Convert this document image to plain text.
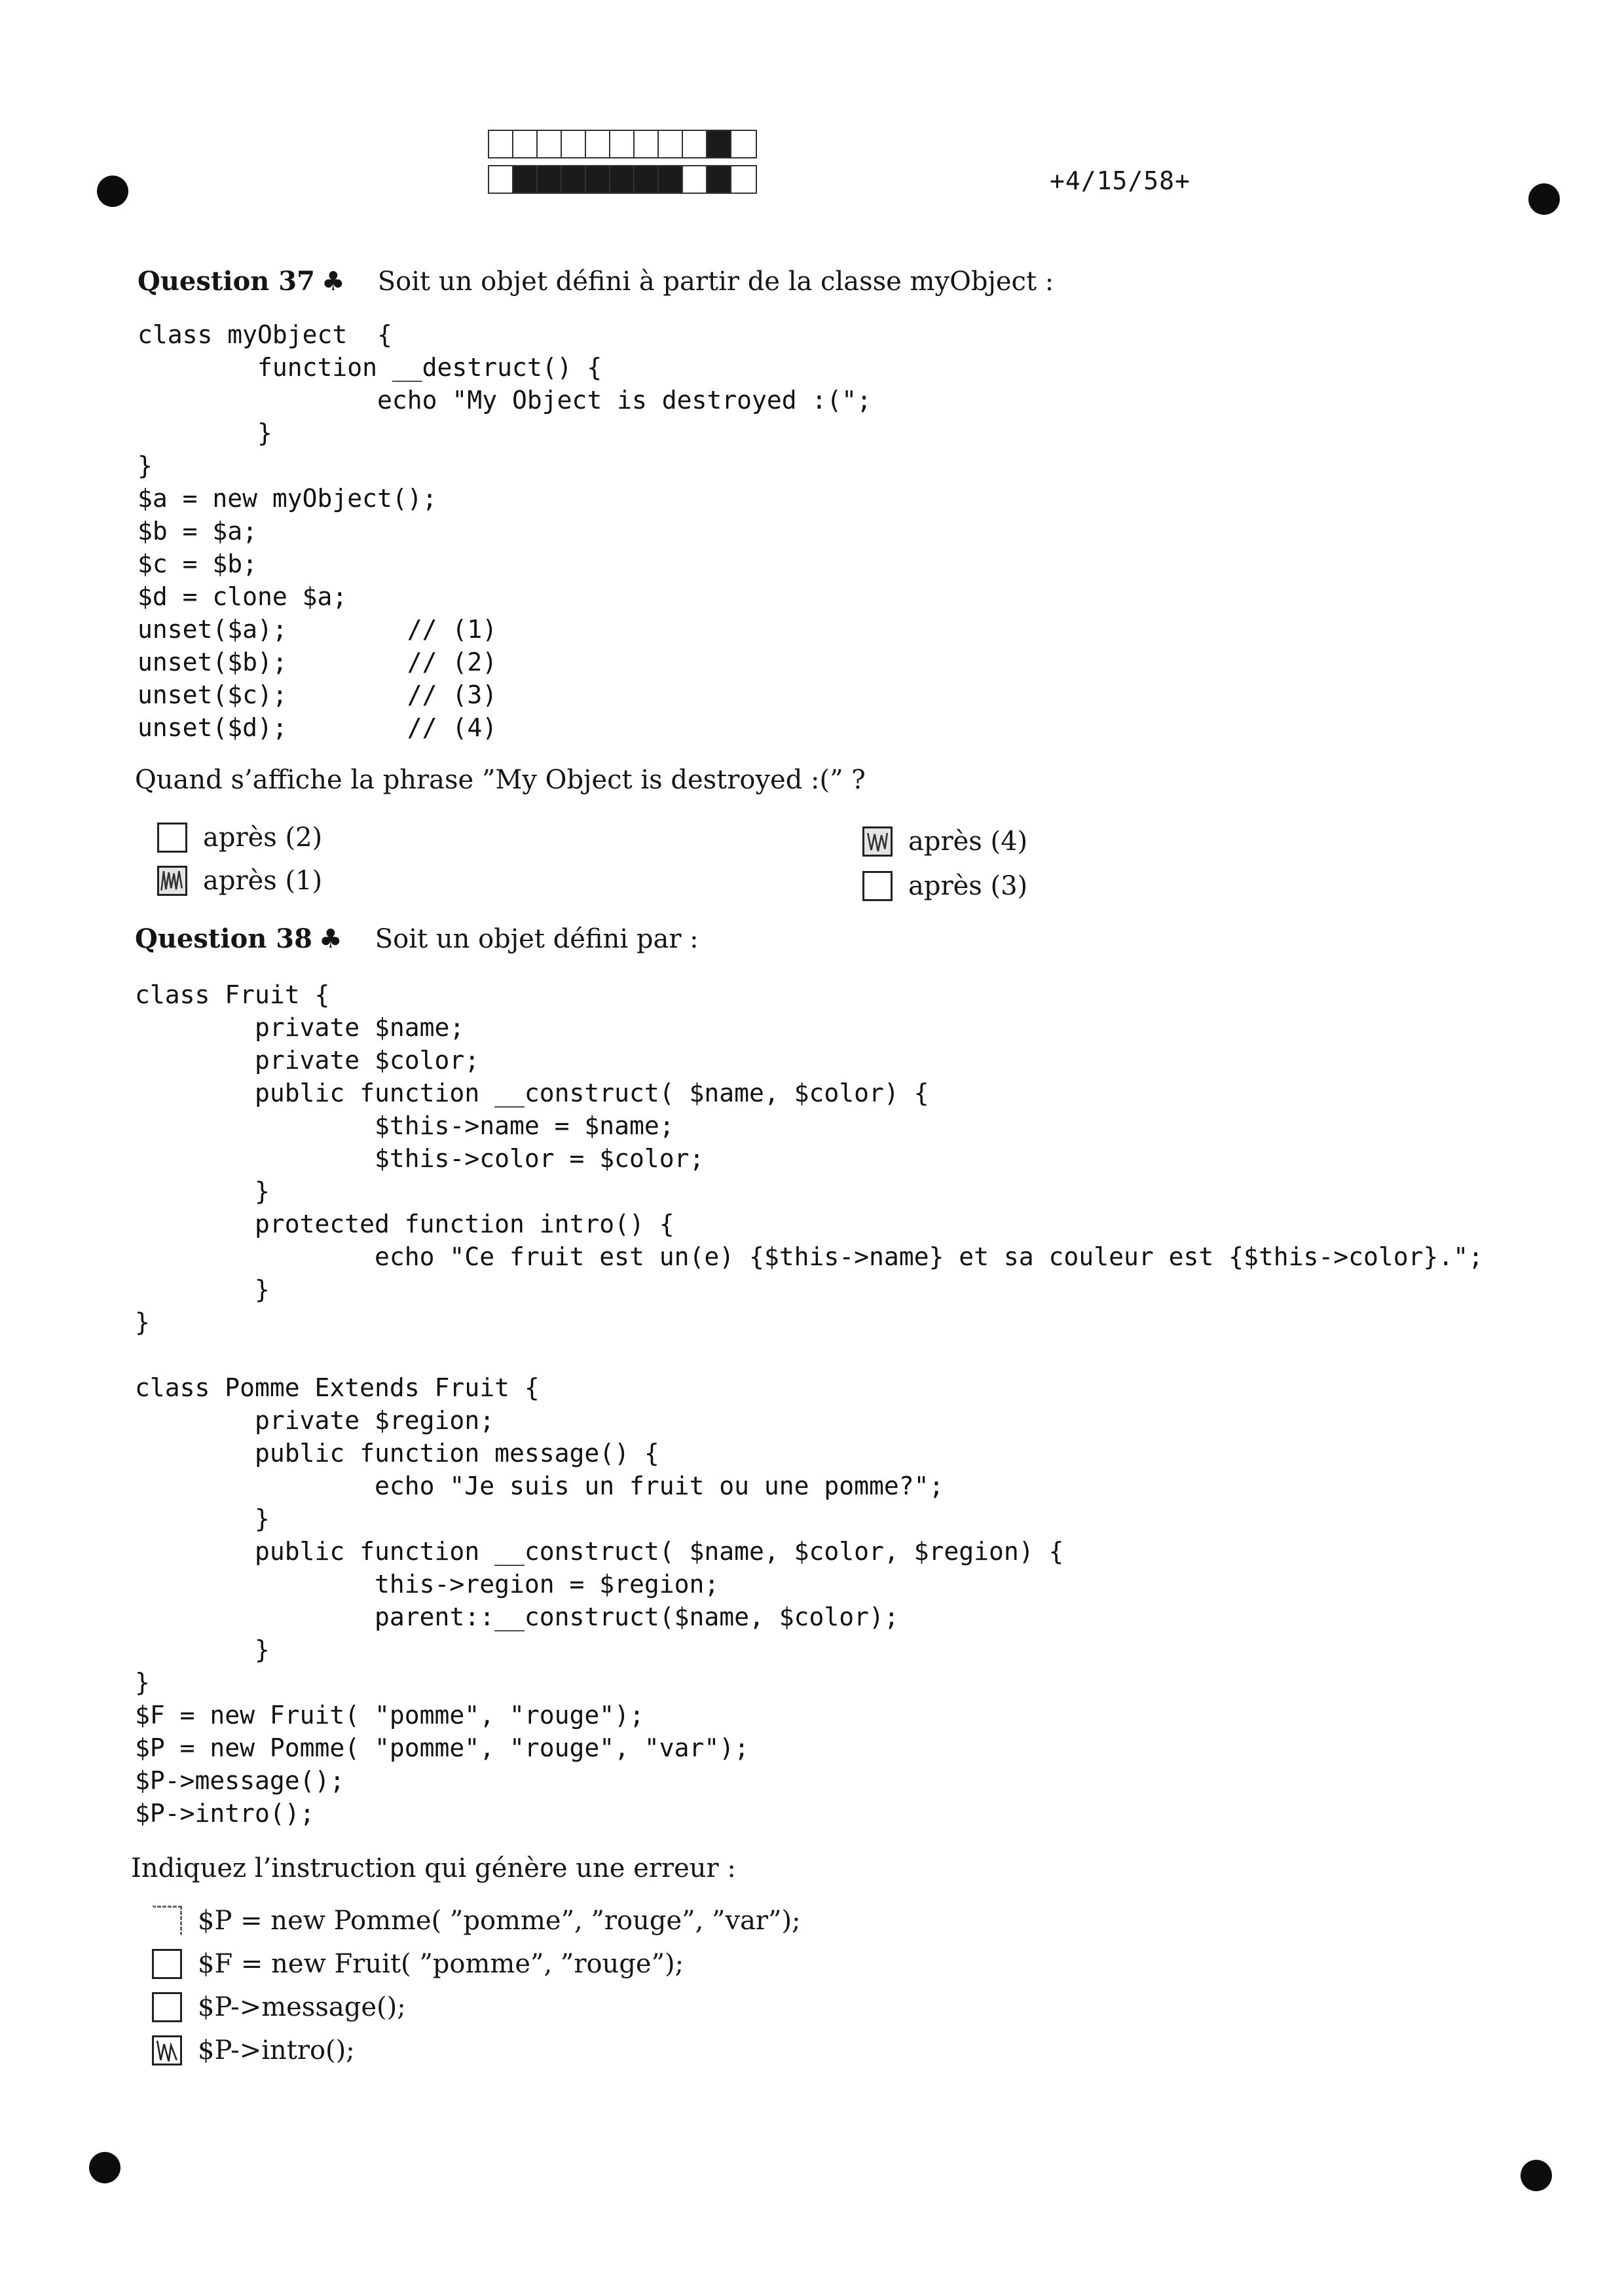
+4/15/58+
Question 37 ♣ Soit un objet défini à partir de la classe myObject :
class myObject  {
function __destruct() {
echo "My Object is destroyed :(";
}
}
$a = new myObject();
$b = $a;
$c = $b;
$d = clone $a;
unset($a);        // (1)
unset($b);        // (2)
unset($c);        // (3)
unset($d);        // (4)
Quand s’affiche la phrase ”My Object is destroyed :(” ?
après (2)
après (1)
après (4)
après (3)
Question 38 ♣ Soit un objet défini par :
class Fruit {
private $name;
private $color;
public function __construct( $name, $color) {
$this->name = $name;
$this->color = $color;
}
protected function intro() {
echo "Ce fruit est un(e) {$this->name} et sa couleur est {$this->color}.";
}
}

class Pomme Extends Fruit {
private $region;
public function message() {
echo "Je suis un fruit ou une pomme?";
}
public function __construct( $name, $color, $region) {
this->region = $region;
parent::__construct($name, $color);
}
}
$F = new Fruit( "pomme", "rouge");
$P = new Pomme( "pomme", "rouge", "var");
$P->message();
$P->intro();
Indiquez l’instruction qui génère une erreur :
$P = new Pomme( ”pomme”, ”rouge”, ”var”);
$F = new Fruit( ”pomme”, ”rouge”);
$P->message();
$P->intro();
